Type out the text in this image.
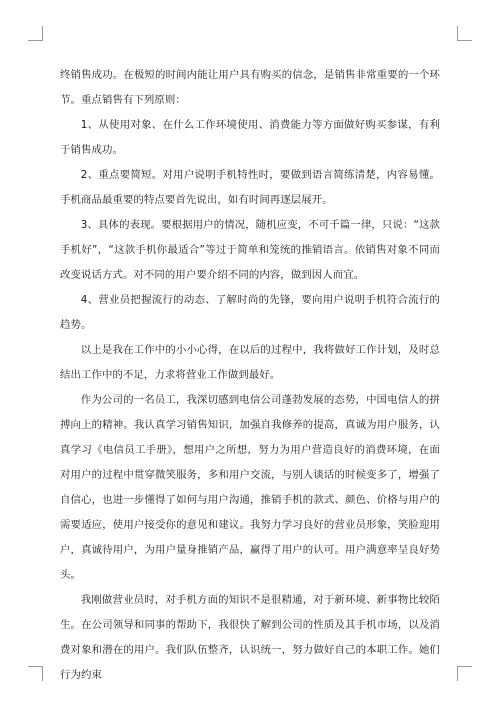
终销售成功。在极短的时间内能让用户具有购买的信念，是销售非常重要的一个环节。重点销售有下列原则：

1、从使用对象、在什么工作环境使用、消费能力等方面做好购买参谋，有利于销售成功。

2、重点要简短。对用户说明手机特性时，要做到语言简练清楚，内容易懂。手机商品最重要的特点要首先说出，如有时间再逐层展开。

3、具体的表现。要根据用户的情况，随机应变，不可千篇一律，只说：“这款手机好”，“这款手机你最适合”等过于简单和笼统的推销语言。依销售对象不同而改变说话方式。对不同的用户要介绍不同的内容，做到因人而宜。

4、营业员把握流行的动态、了解时尚的先锋，要向用户说明手机符合流行的趋势。

以上是我在工作中的小小心得，在以后的过程中，我将做好工作计划，及时总结出工作中的不足，力求将营业工作做到最好。

作为公司的一名员工，我深切感到电信公司蓬勃发展的态势，中国电信人的拼搏向上的精神。我认真学习销售知识，加强自我修养的提高，真诚为用户服务，认真学习《电信员工手册》，想用户之所想，努力为用户营造良好的消费环境，在面对用户的过程中贯穿微笑服务，多和用户交流，与别人谈话的时候变多了，增强了自信心，也进一步懂得了如何与用户沟通，推销手机的款式、颜色、价格与用户的需要适应，使用户接受你的意见和建议。我努力学习良好的营业员形象，笑脸迎用户，真诚待用户，为用户量身推销产品，赢得了用户的认可。用户满意率呈良好势头。

我刚做营业员时，对手机方面的知识不是很精通，对于新环境、新事物比较陌生。在公司领导和同事的帮助下，我很快了解到公司的性质及其手机市场，以及消费对象和潜在的用户。我们队伍整齐，认识统一，努力做好自己的本职工作。她们行为约束
